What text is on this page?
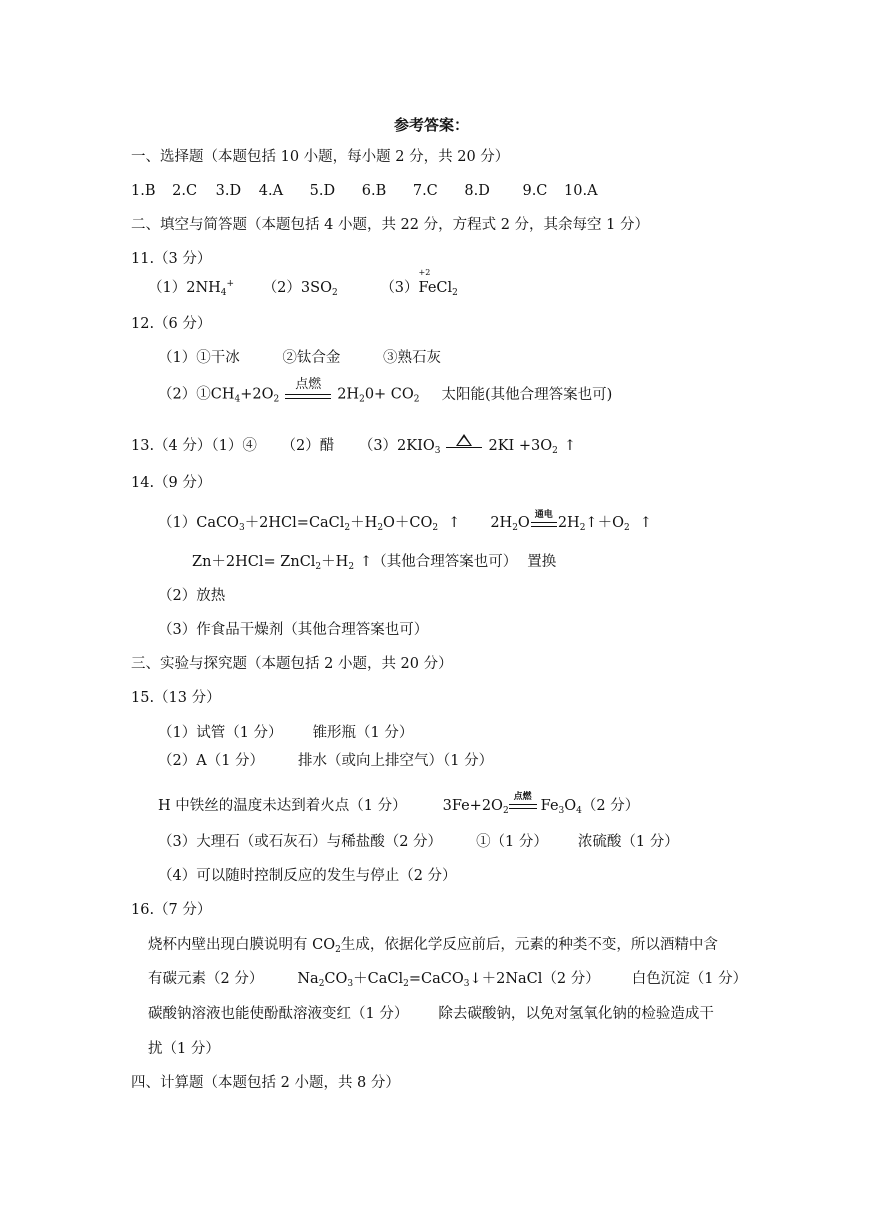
参考答案：
一、选择题（本题包括 10 小题，每小题 2 分，共 20 分）
1.B 2.C 3.D 4.A 5.D 6.B 7.C 8.D 9.C 10.A
二、填空与简答题（本题包括 4 小题，共 22 分，方程式 2 分，其余每空 1 分）
11.（3 分）
$(1)2NH_4^+$ $(2)3SO_2$	（3）
+2
FeCl$_2$
12.（6 分）
（1）①干冰	②钛合金	③熟石灰
$(2)①CH_4+2O_2$
点燃
$2H_20+ CO_2$ 太阳能(其他合理答案也可)
13.（4 分）（1）④ （2）醋 $(3)2KIO_3$	$2KI +3O_2$ ↑
14.（9 分）
$(1)CaCO_3+2HCl=CaCl_2+H_2O+CO_2$ ↑ $2H_2O$
通电
$2H_2↑+O_2$ ↑
$Zn+2HCl= ZnCl_2+H_2$ ↑（其他合理答案也可） 置换
（2）放热
（3）作食品干燥剂（其他合理答案也可）
三、实验与探究题（本题包括 2 小题，共 20 分）
15.（13 分）
（1）试管（1 分） 锥形瓶（1 分）
（2）A（1 分） 排水（或向上排空气）（1 分）
H 中铁丝的温度未达到着火点（1 分） $3Fe+2O_2$
点燃
$Fe_3O_4(2$ 分）
（3）大理石（或石灰石）与稀盐酸（2 分） ①（1 分） 浓硫酸（1 分）
（4）可以随时控制反应的发生与停止（2 分）
16.（7 分）
烧杯内壁出现白膜说明有 $CO_2$生成，依据化学反应前后，元素的种类不变，所以酒精中含
有碳元素（2 分） $Na_2CO_3+CaCl_2=CaCO_3↓+2NaCl(2$ 分） 白色沉淀（1 分）
碳酸钠溶液也能使酚酞溶液变红（1 分） 除去碳酸钠，以免对氢氧化钠的检验造成干
扰（1 分）
四、计算题（本题包括 2 小题，共 8 分）
